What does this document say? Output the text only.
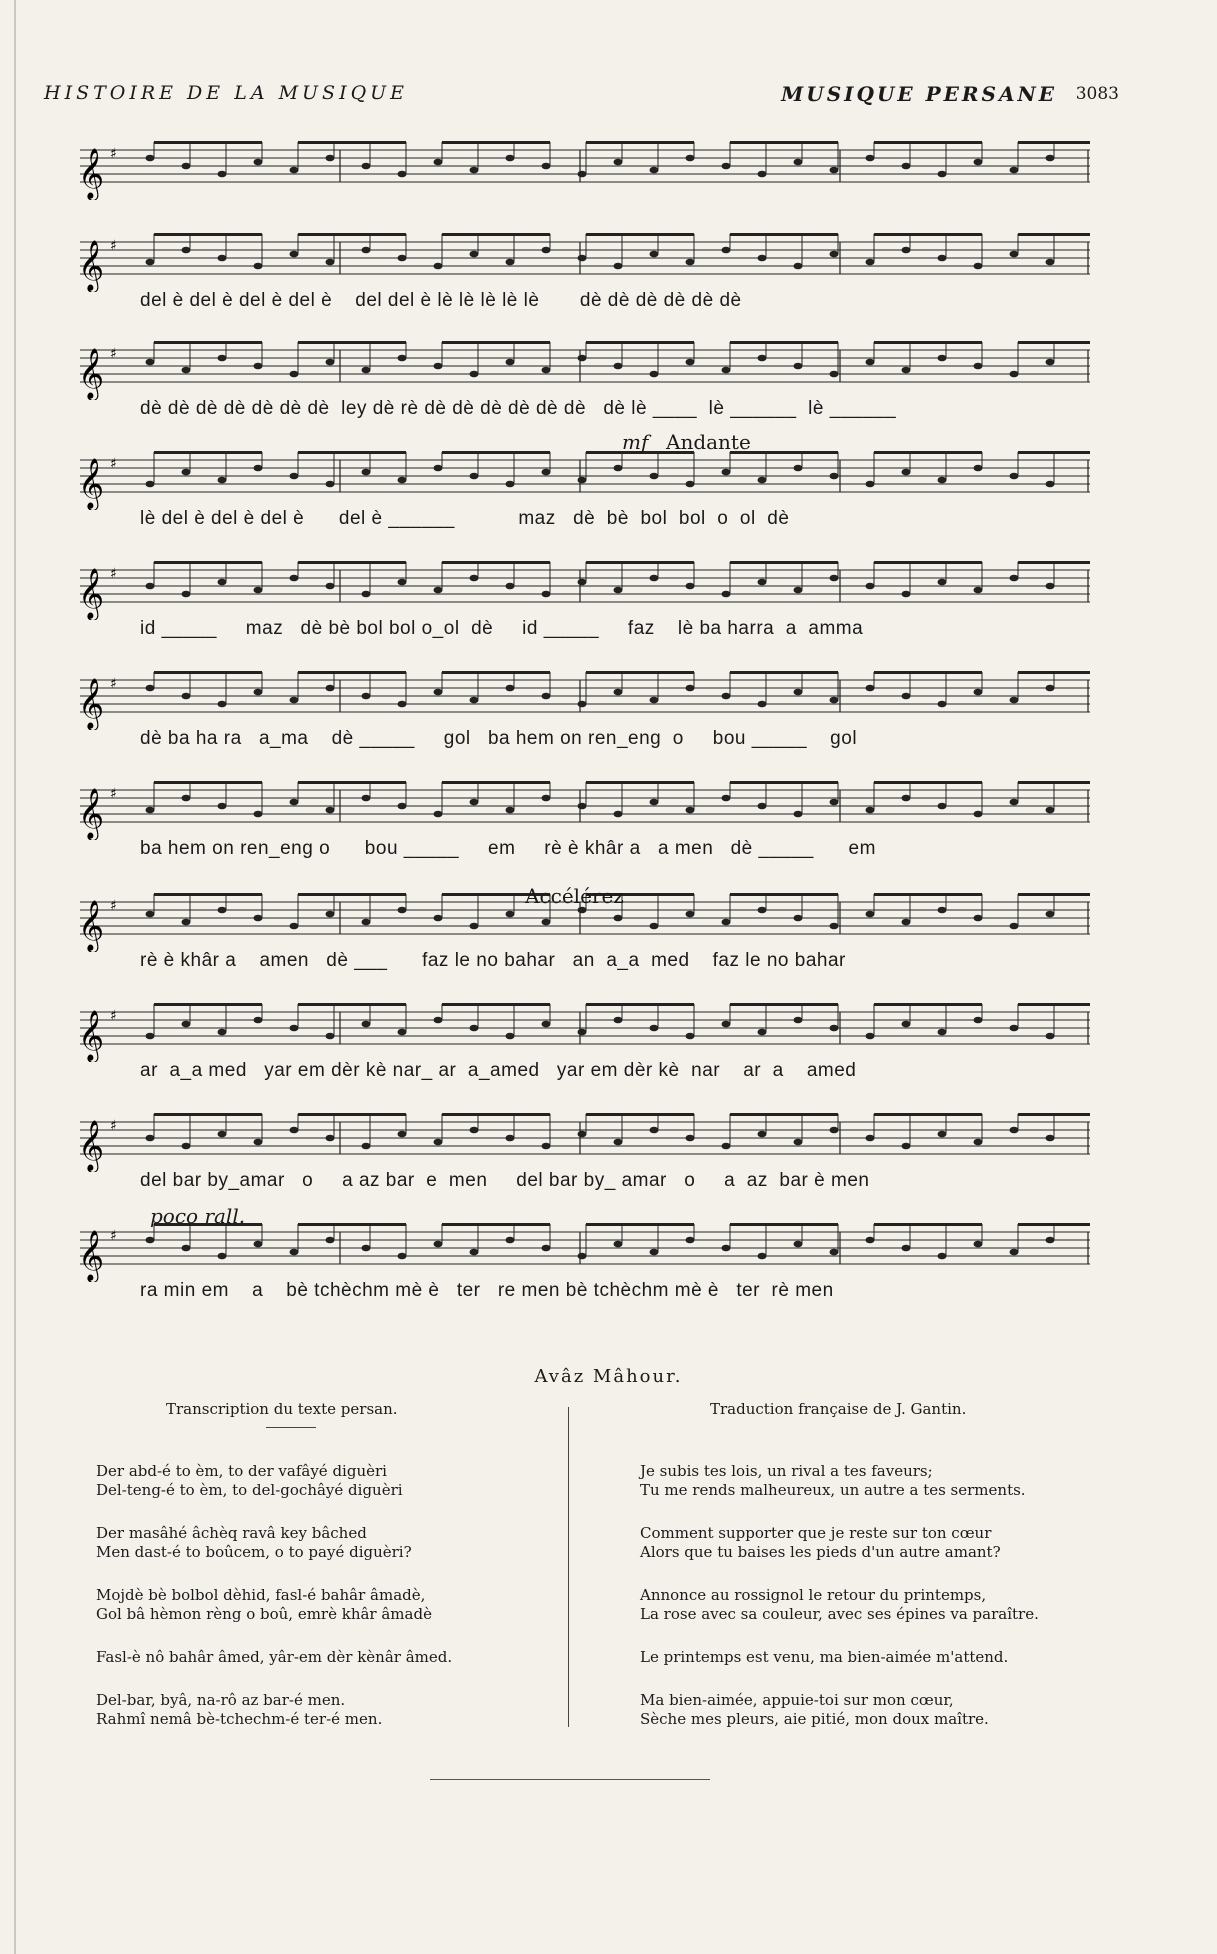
HISTOIRE DE LA MUSIQUE	MUSIQUE PERSANE 3083
𝄞 ♯
𝄞 ♯
del è del è del è del è    del del è lè lè lè lè lè       dè dè dè dè dè dè
𝄞 ♯
dè dè dè dè dè dè dè  ley dè rè dè dè dè dè dè dè   dè lè ____  lè ______  lè ______
𝄞 ♯
lè del è del è del è      del è ______           maz   dè  bè  bol  bol  o  ol  dè
𝄞 ♯
id _____     maz   dè bè bol bol o_ol  dè     id _____     faz    lè ba harra  a  amma
𝄞 ♯
dè ba ha ra   a_ma    dè _____     gol   ba hem on ren_eng  o     bou _____    gol
𝄞 ♯
ba hem on ren_eng o      bou _____     em     rè è khâr a   a men   dè _____      em
𝄞 ♯
rè è khâr a    amen   dè ___      faz le no bahar   an  a_a  med    faz le no bahar
𝄞 ♯
ar  a_a med   yar em dèr kè nar_ ar  a_amed   yar em dèr kè  nar    ar  a    amed
𝄞 ♯
del bar by_amar   o     a az bar  e  men     del bar by_ amar   o     a  az  bar è men
𝄞 ♯
ra min em    a    bè tchèchm mè è   ter   re men bè tchèchm mè è   ter  rè men
mf Andante
Accélérez
poco rall.
Avâz Mâhour.
Transcription du texte persan.
Der abd-é to èm, to der vafâyé diguèri
Del-teng-é to èm, to del-gochâyé diguèri
Der masâhé âchèq ravâ key bâched
Men dast-é to boûcem, o to payé diguèri?
Mojdè bè bolbol dèhid, fasl-é bahâr âmadè,
Gol bâ hèmon rèng o boû, emrè khâr âmadè
Fasl-è nô bahâr âmed, yâr-em dèr kènâr âmed.
Del-bar, byâ, na-rô az bar-é men.
Rahmî nemâ bè-tchechm-é ter-é men.
Traduction française de J. Gantin.
Je subis tes lois, un rival a tes faveurs;
Tu me rends malheureux, un autre a tes serments.
Comment supporter que je reste sur ton cœur
Alors que tu baises les pieds d'un autre amant?
Annonce au rossignol le retour du printemps,
La rose avec sa couleur, avec ses épines va paraître.
Le printemps est venu, ma bien-aimée m'attend.
Ma bien-aimée, appuie-toi sur mon cœur,
Sèche mes pleurs, aie pitié, mon doux maître.
